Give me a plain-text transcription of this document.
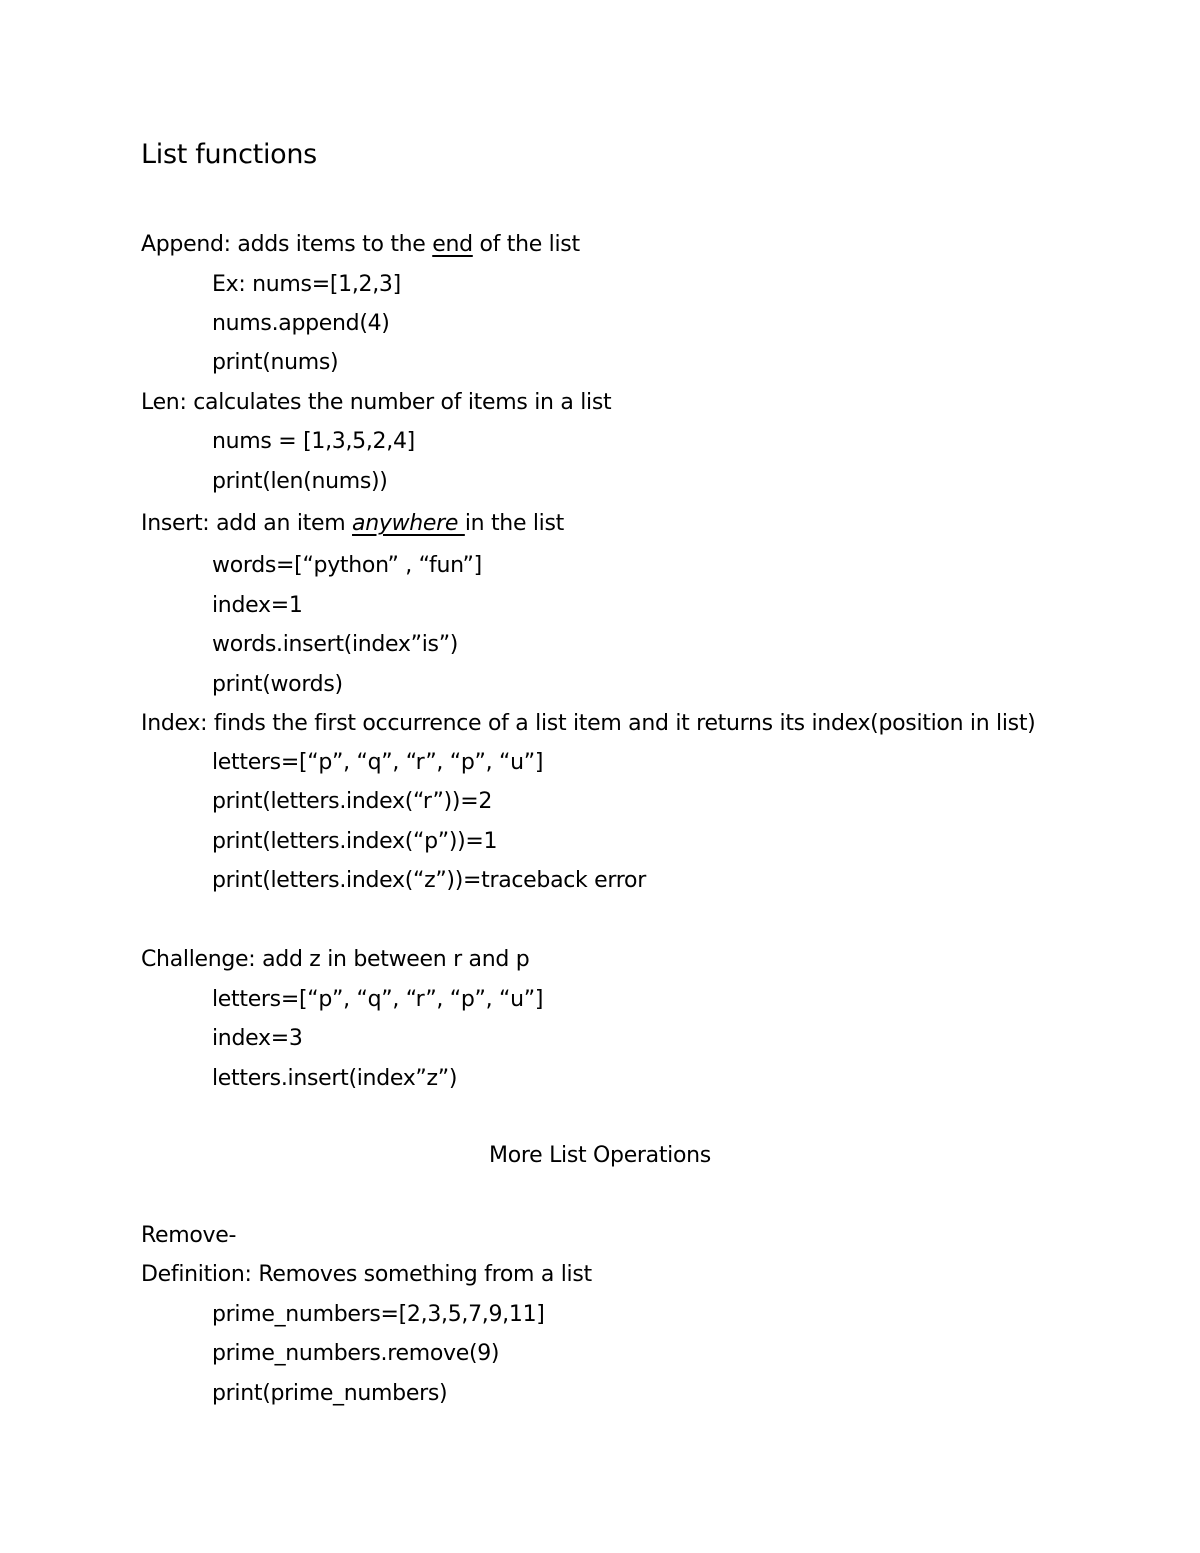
List functions
Append: adds items to the end of the list
Ex: nums=[1,2,3]
nums.append(4)
print(nums)
Len: calculates the number of items in a list
nums = [1,3,5,2,4]
print(len(nums))
Insert: add an item anywhere in the list
words=[“python” , “fun”]
index=1
words.insert(index”is”)
print(words)
Index: finds the first occurrence of a list item and it returns its index(position in list)
letters=[“p”, “q”, “r”, “p”, “u”]
print(letters.index(“r”))=2
print(letters.index(“p”))=1
print(letters.index(“z”))=traceback error
Challenge: add z in between r and p
letters=[“p”, “q”, “r”, “p”, “u”]
index=3
letters.insert(index”z”)
More List Operations
Remove-
Definition: Removes something from a list
prime_numbers=[2,3,5,7,9,11]
prime_numbers.remove(9)
print(prime_numbers)
